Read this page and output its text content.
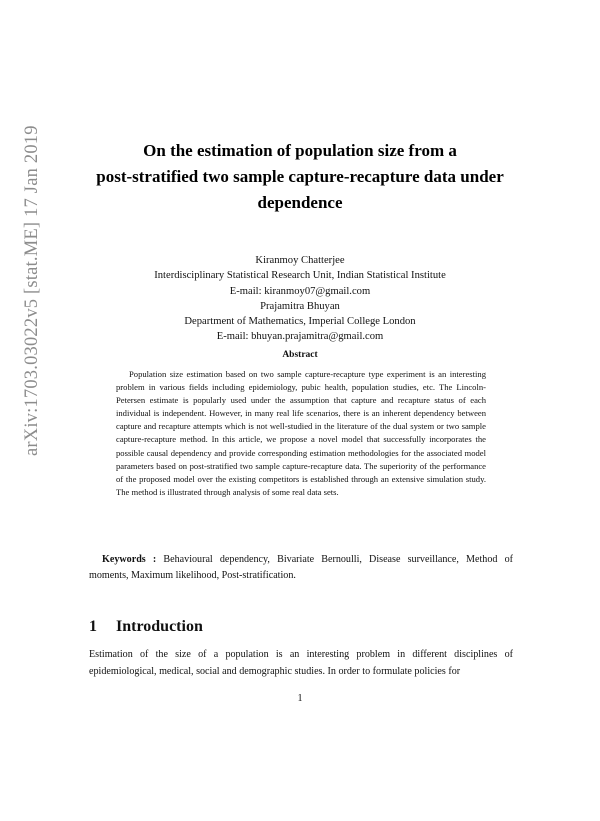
arXiv:1703.03022v5 [stat.ME] 17 Jan 2019	On the estimation of population size from a
post-stratified two sample capture-recapture data under
dependence
Kiranmoy Chatterjee
Interdisciplinary Statistical Research Unit, Indian Statistical Institute
E-mail: kiranmoy07@gmail.com
Prajamitra Bhuyan
Department of Mathematics, Imperial College London
E-mail: bhuyan.prajamitra@gmail.com
Abstract
Population size estimation based on two sample capture-recapture type experiment is an interesting problem in various fields including epidemiology, pubic health, population studies, etc. The Lincoln-Petersen estimate is popularly used under the assumption that capture and recapture status of each individual is independent. However, in many real life scenarios, there is an inherent dependency between capture and recapture attempts which is not well-studied in the literature of the dual system or two sample capture-recapture method. In this article, we propose a novel model that successfully incorporates the possible causal dependency and provide corresponding estimation methodologies for the associated model parameters based on post-stratified two sample capture-recapture data. The superiority of the performance of the proposed model over the existing competitors is established through an extensive simulation study. The method is illustrated through analysis of some real data sets.
Keywords : Behavioural dependency, Bivariate Bernoulli, Disease surveillance, Method of moments, Maximum likelihood, Post-stratification.
1 Introduction
Estimation of the size of a population is an interesting problem in different disciplines of epidemiological, medical, social and demographic studies. In order to formulate policies for
1
